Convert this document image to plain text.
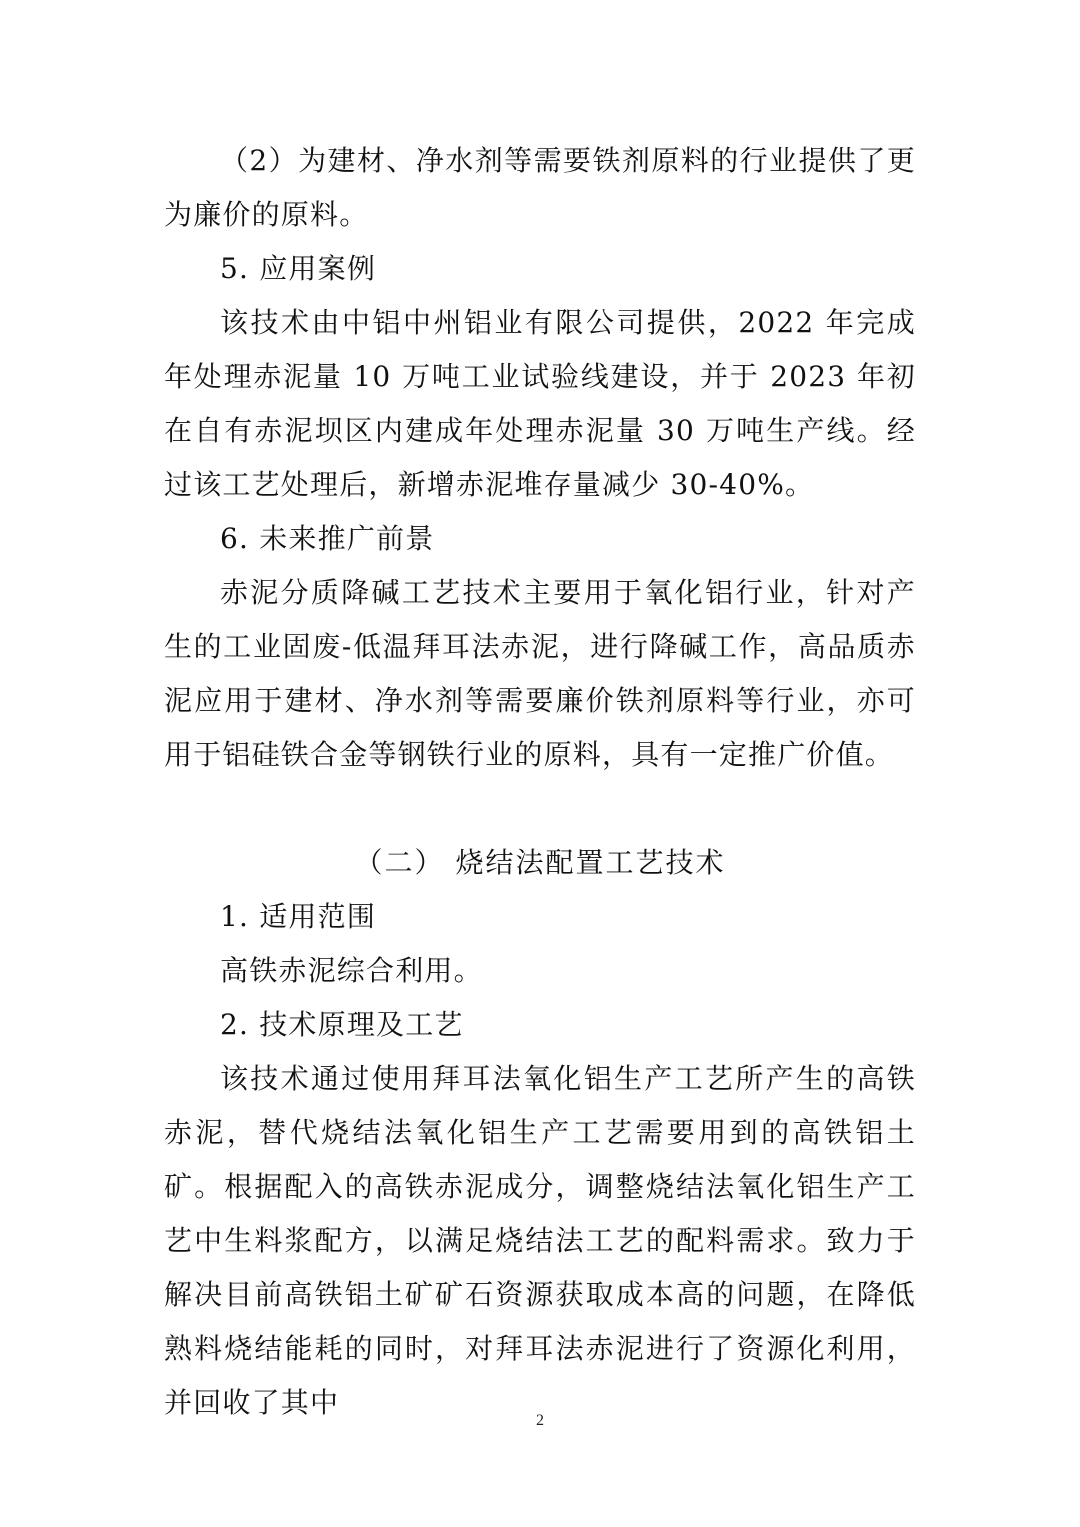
（2）为建材、净水剂等需要铁剂原料的行业提供了更为廉价的原料。

5. 应用案例

该技术由中铝中州铝业有限公司提供，2022 年完成年处理赤泥量 10 万吨工业试验线建设，并于 2023 年初在自有赤泥坝区内建成年处理赤泥量 30 万吨生产线。经过该工艺处理后，新增赤泥堆存量减少 30-40%。

6. 未来推广前景

赤泥分质降碱工艺技术主要用于氧化铝行业，针对产生的工业固废-低温拜耳法赤泥，进行降碱工作，高品质赤泥应用于建材、净水剂等需要廉价铁剂原料等行业，亦可用于铝硅铁合金等钢铁行业的原料，具有一定推广价值。

（二） 烧结法配置工艺技术

1. 适用范围

高铁赤泥综合利用。

2. 技术原理及工艺

该技术通过使用拜耳法氧化铝生产工艺所产生的高铁赤泥，替代烧结法氧化铝生产工艺需要用到的高铁铝土矿。根据配入的高铁赤泥成分，调整烧结法氧化铝生产工艺中生料浆配方，以满足烧结法工艺的配料需求。致力于解决目前高铁铝土矿矿石资源获取成本高的问题，在降低熟料烧结能耗的同时，对拜耳法赤泥进行了资源化利用，并回收了其中

2
